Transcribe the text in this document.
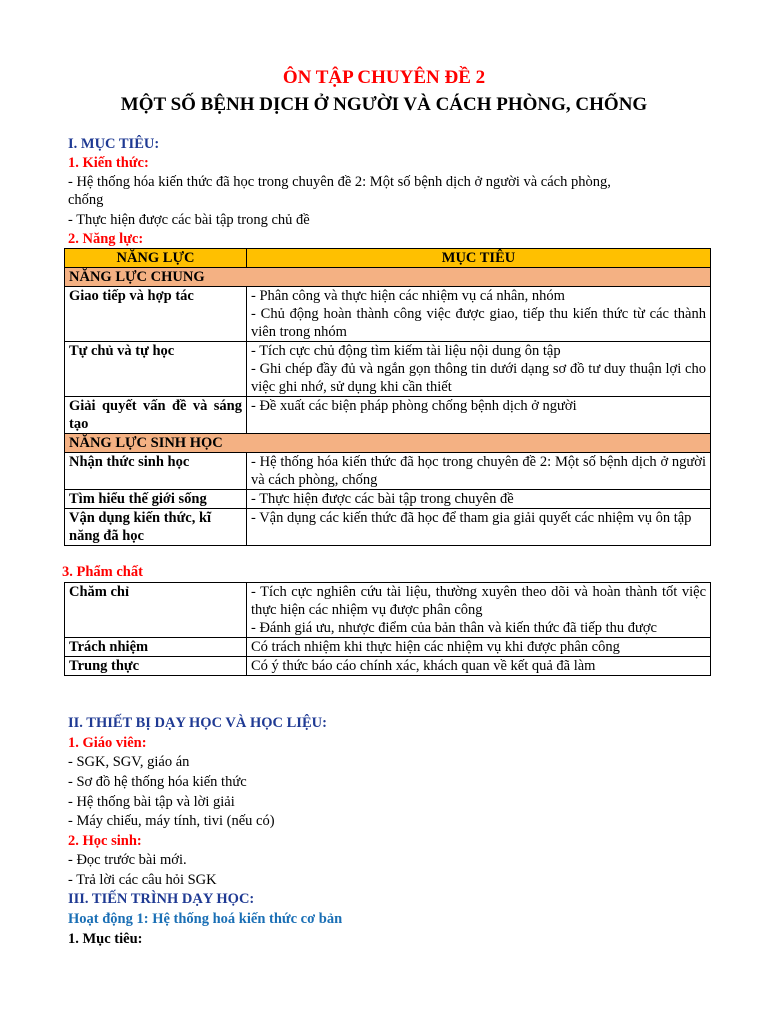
ÔN TẬP CHUYÊN ĐỀ 2
MỘT SỐ BỆNH DỊCH Ở NGƯỜI VÀ CÁCH PHÒNG, CHỐNG
I. MỤC TIÊU:
1. Kiến thức:
- Hệ thống hóa kiến thức đã học trong chuyên đề 2: Một số bệnh dịch ở người và cách phòng,
chống
- Thực hiện được các bài tập trong chủ đề
2. Năng lực:
NĂNG LỰC	MỤC TIÊU
NĂNG LỰC CHUNG	
Giao tiếp và hợp tác	- Phân công và thực hiện các nhiệm vụ cá nhân, nhóm
- Chủ động hoàn thành công việc được giao, tiếp thu kiến thức từ các thành viên trong nhóm

Tự chủ và tự học	- Tích cực chủ động tìm kiếm tài liệu nội dung ôn tập
- Ghi chép đầy đủ và ngắn gọn thông tin dưới dạng sơ đồ tư duy thuận lợi cho việc ghi nhớ, sử dụng khi cần thiết

Giải quyết vấn đề và sáng tạo	- Đề xuất các biện pháp phòng chống bệnh dịch ở người
NĂNG LỰC SINH HỌC	
Nhận thức sinh học	- Hệ thống hóa kiến thức đã học trong chuyên đề 2: Một số bệnh dịch ở người và cách phòng, chống
Tìm hiểu thế giới sống	- Thực hiện được các bài tập trong chuyên đề
Vận dụng kiến thức, kĩ năng đã học	- Vận dụng các kiến thức đã học để tham gia giải quyết các nhiệm vụ ôn tập
3. Phẩm chất
Chăm chỉ	- Tích cực nghiên cứu tài liệu, thường xuyên theo dõi và hoàn thành tốt việc thực hiện các nhiệm vụ được phân công
- Đánh giá ưu, nhược điểm của bản thân và kiến thức đã tiếp thu được

Trách nhiệm	Có trách nhiệm khi thực hiện các nhiệm vụ khi được phân công
Trung thực	Có ý thức báo cáo chính xác, khách quan về kết quả đã làm
II. THIẾT BỊ DẠY HỌC VÀ HỌC LIỆU:
1. Giáo viên:
- SGK, SGV, giáo án
- Sơ đồ hệ thống hóa kiến thức
- Hệ thống bài tập và lời giải
- Máy chiếu, máy tính, tivi (nếu có)
2. Học sinh:
- Đọc trước bài mới.
- Trả lời các câu hỏi SGK
III. TIẾN TRÌNH DẠY HỌC:
Hoạt động 1: Hệ thống hoá kiến thức cơ bản
1. Mục tiêu:
